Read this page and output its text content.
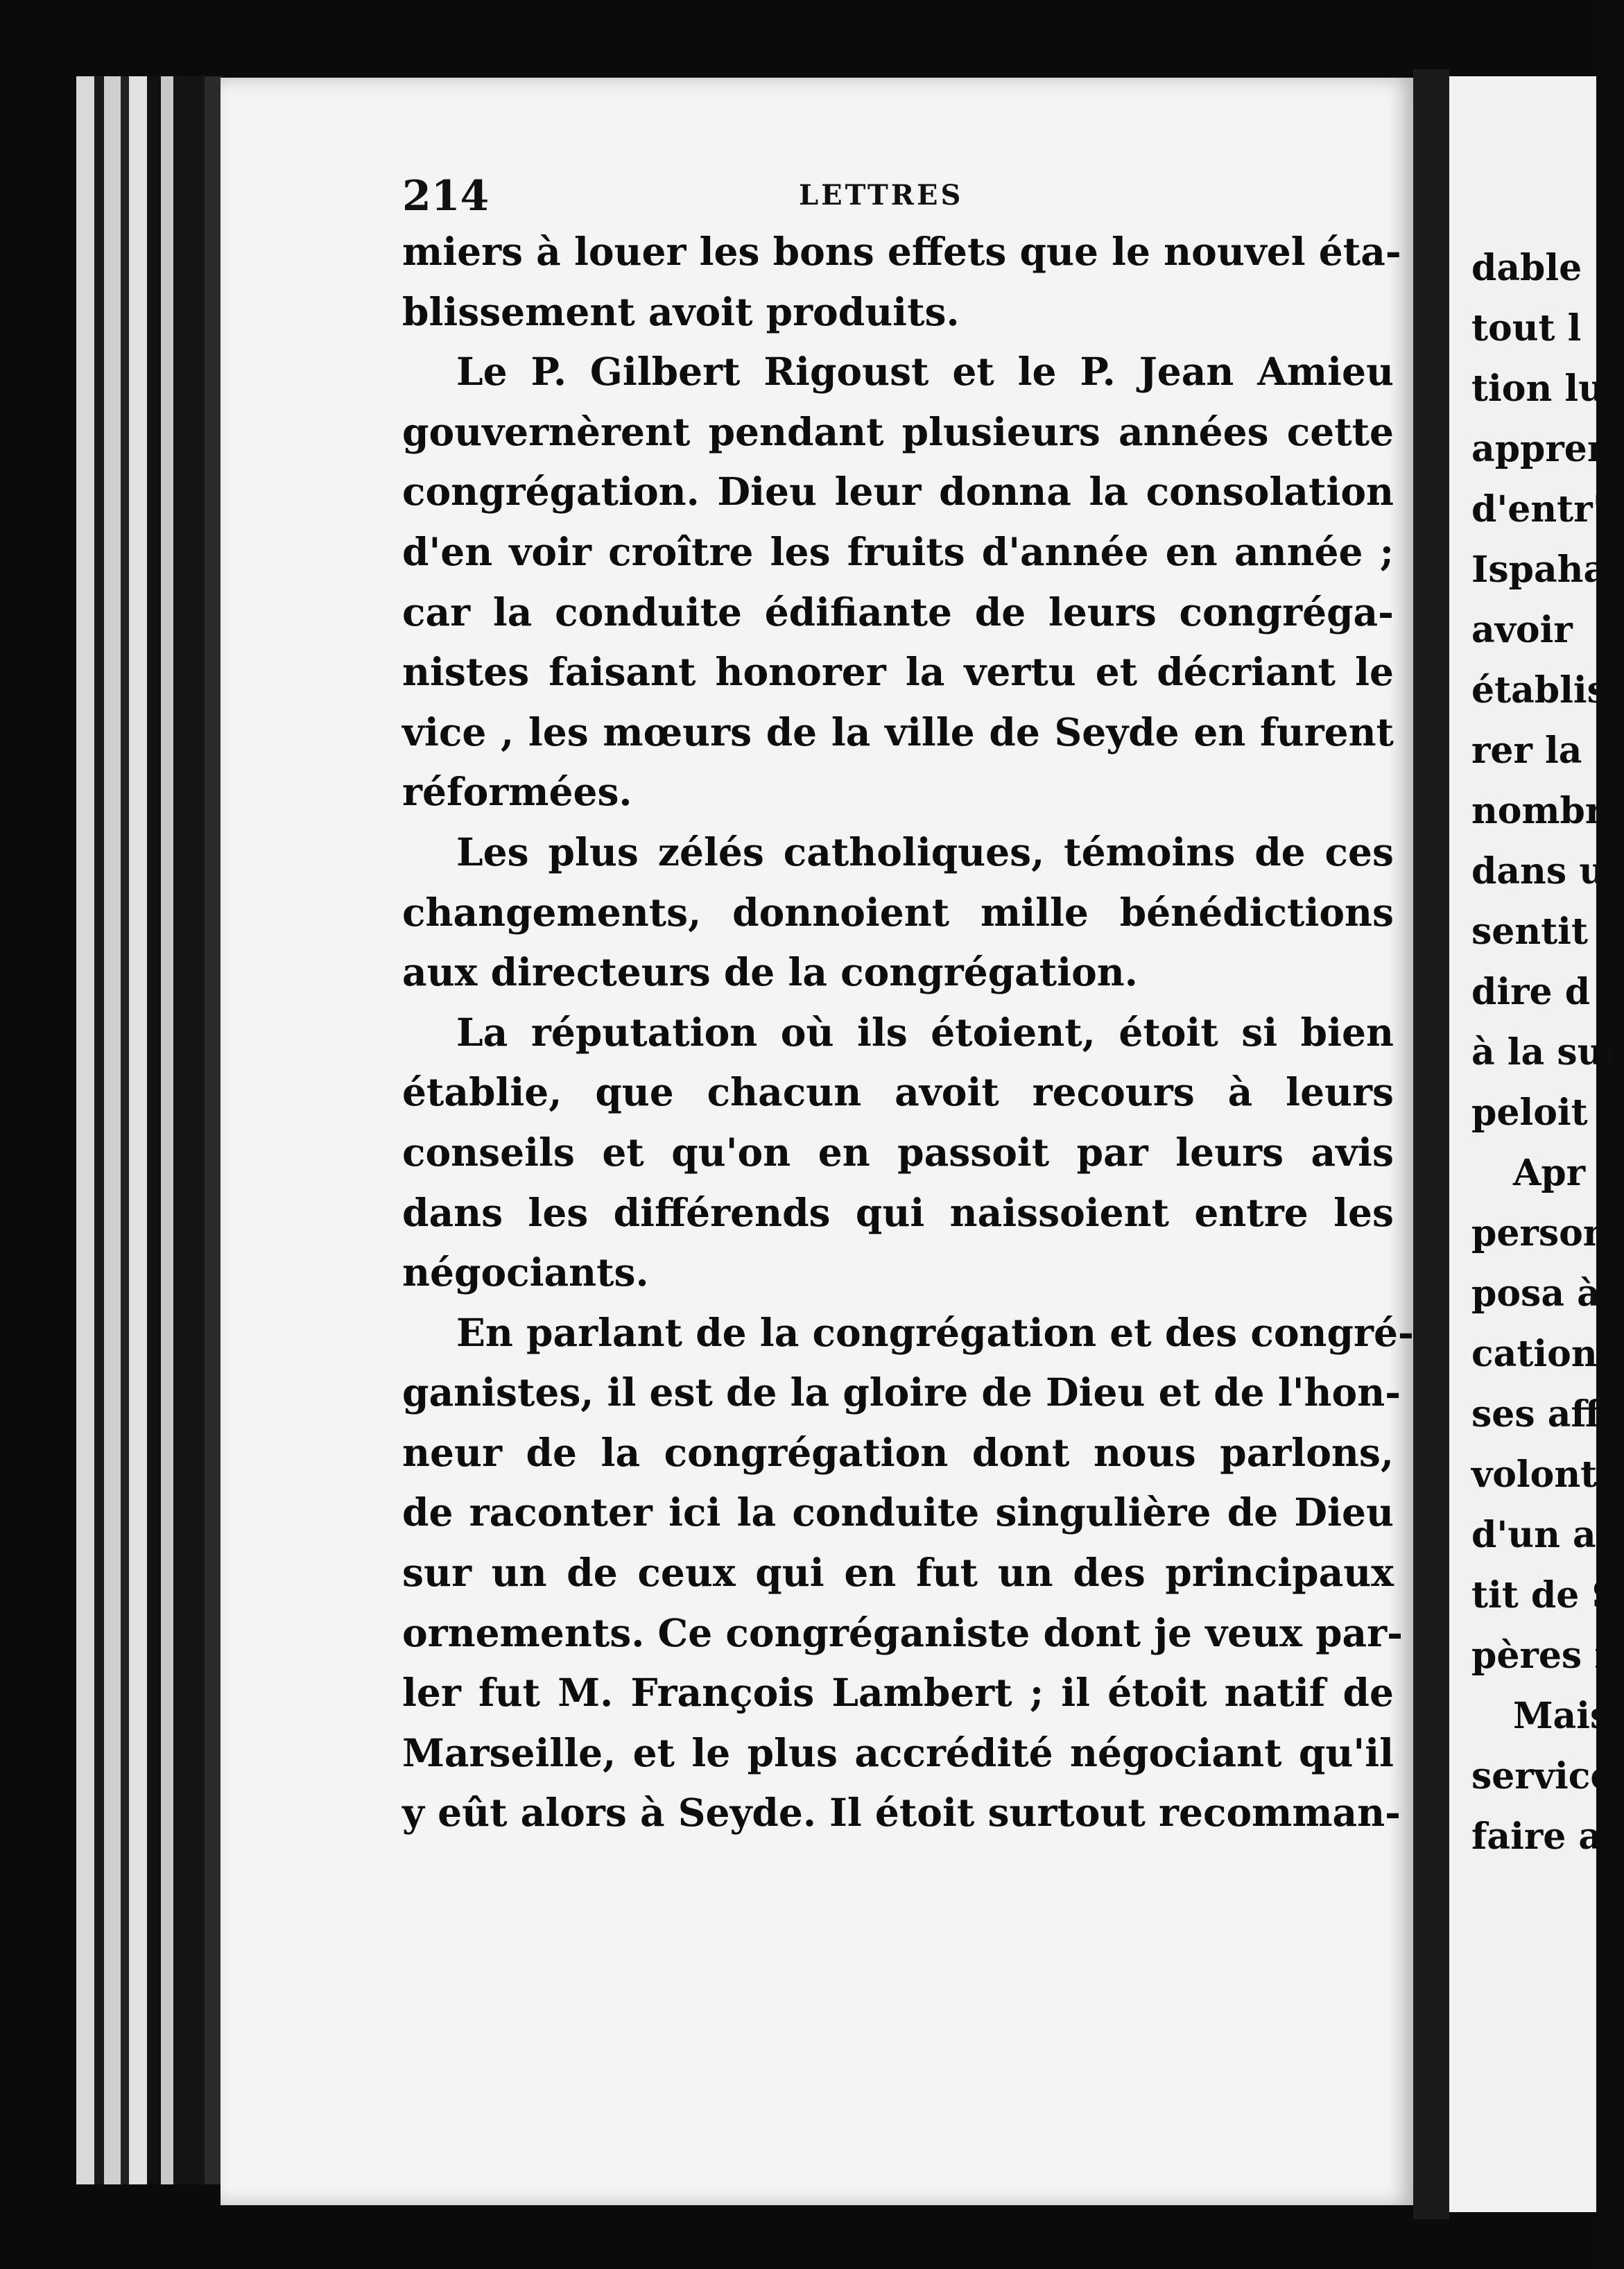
214	LETTRES
miers à louer les bons effets que le nouvel éta-
blissement avoit produits.
Le P. Gilbert Rigoust et le P. Jean Amieu
gouvernèrent pendant plusieurs années cette
congrégation. Dieu leur donna la consolation
d'en voir croître les fruits d'année en année ;
car la conduite édifiante de leurs congréga-
nistes faisant honorer la vertu et décriant le
vice , les mœurs de la ville de Seyde en furent
réformées.
Les plus zélés catholiques, témoins de ces
changements, donnoient mille bénédictions
aux directeurs de la congrégation.
La réputation où ils étoient, étoit si bien
établie, que chacun avoit recours à leurs
conseils et qu'on en passoit par leurs avis
dans les différends qui naissoient entre les
négociants.
En parlant de la congrégation et des congré-
ganistes, il est de la gloire de Dieu et de l'hon-
neur de la congrégation dont nous parlons,
de raconter ici la conduite singulière de Dieu
sur un de ceux qui en fut un des principaux
ornements. Ce congréganiste dont je veux par-
ler fut M. François Lambert ; il étoit natif de
Marseille, et le plus accrédité négociant qu'il
y eût alors à Seyde. Il étoit surtout recomman-
dable
tout l
tion lu
appren
d'entr'
Ispaha
avoir
établis
rer la
nombr
dans u
sentit
dire d
à la sui
peloit
Apr
person
posa à
cation
ses affa
volont
d'un a
tit de S
pères n
Mais
service
faire a
